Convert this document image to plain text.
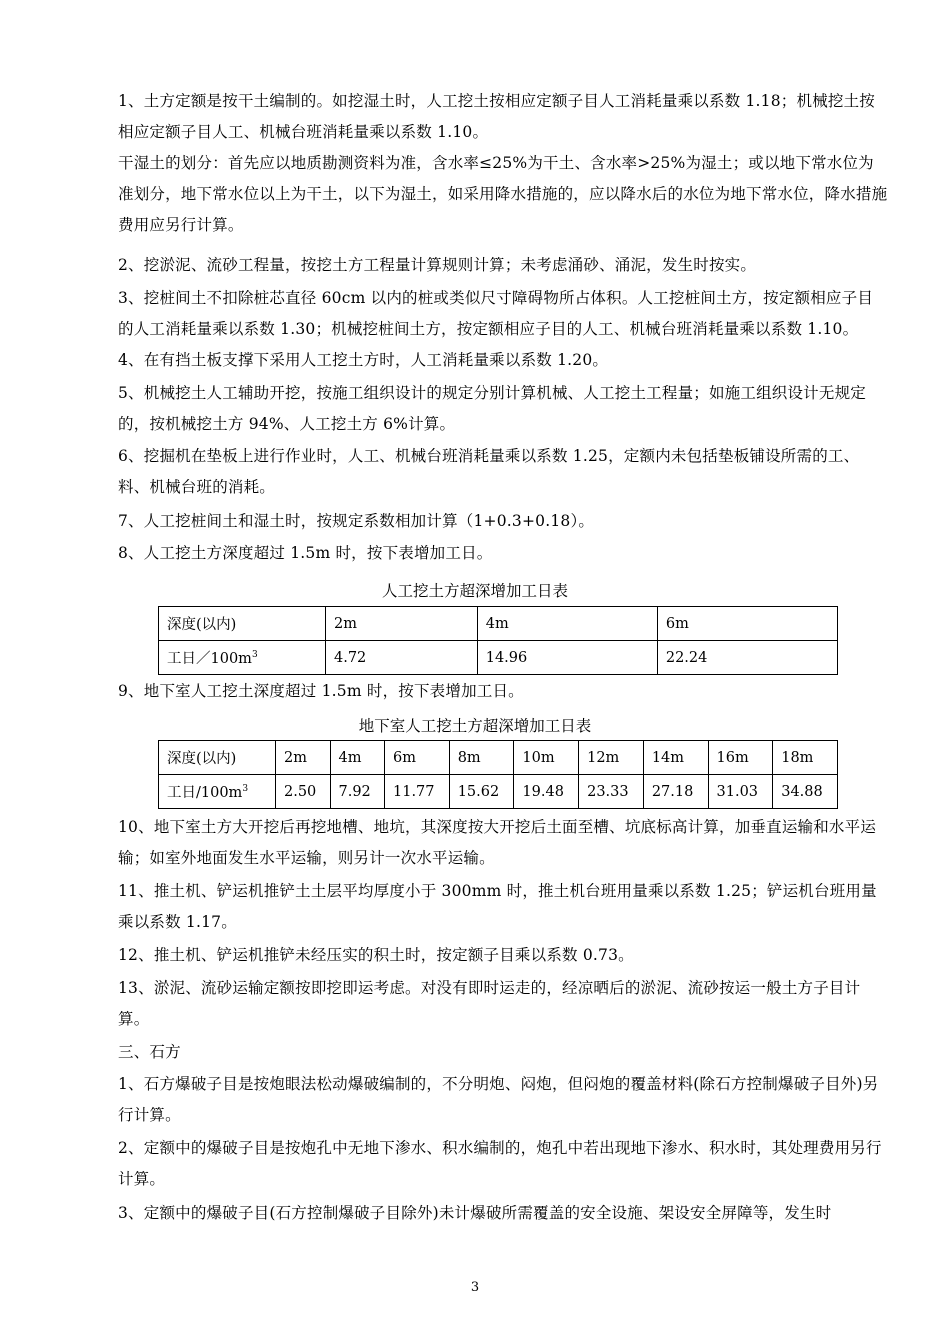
1、土方定额是按干土编制的。如挖湿土时，人工挖土按相应定额子目人工消耗量乘以系数 1.18；机械挖土按相应定额子目人工、机械台班消耗量乘以系数 1.10。

干湿土的划分：首先应以地质勘测资料为准，含水率≤25%为干土、含水率>25%为湿土；或以地下常水位为准划分，地下常水位以上为干土，以下为湿土，如采用降水措施的，应以降水后的水位为地下常水位，降水措施费用应另行计算。

2、挖淤泥、流砂工程量，按挖土方工程量计算规则计算；未考虑涌砂、涌泥，发生时按实。

3、挖桩间土不扣除桩芯直径 60cm 以内的桩或类似尺寸障碍物所占体积。人工挖桩间土方，按定额相应子目的人工消耗量乘以系数 1.30；机械挖桩间土方，按定额相应子目的人工、机械台班消耗量乘以系数 1.10。

4、在有挡土板支撑下采用人工挖土方时，人工消耗量乘以系数 1.20。

5、机械挖土人工辅助开挖，按施工组织设计的规定分别计算机械、人工挖土工程量；如施工组织设计无规定的，按机械挖土方 94%、人工挖土方 6%计算。

6、挖掘机在垫板上进行作业时，人工、机械台班消耗量乘以系数 1.25，定额内未包括垫板铺设所需的工、料、机械台班的消耗。

7、人工挖桩间土和湿土时，按规定系数相加计算（1+0.3+0.18）。

8、人工挖土方深度超过 1.5m 时，按下表增加工日。

人工挖土方超深增加工日表

深度(以内)	2m	4m	6m
工日$/100m^3$	4.72	14.96	22.24

9、地下室人工挖土深度超过 1.5m 时，按下表增加工日。

地下室人工挖土方超深增加工日表

深度(以内)	2m	4m	6m	8m	10m	12m	14m	16m	18m
工日$/100m^3$	2.50	7.92	11.77	15.62	19.48	23.33	27.18	31.03	34.88

10、地下室土方大开挖后再挖地槽、地坑，其深度按大开挖后土面至槽、坑底标高计算，加垂直运输和水平运输；如室外地面发生水平运输，则另计一次水平运输。

11、推土机、铲运机推铲土土层平均厚度小于 300mm 时，推土机台班用量乘以系数 1.25；铲运机台班用量乘以系数 1.17。

12、推土机、铲运机推铲未经压实的积土时，按定额子目乘以系数 0.73。

13、淤泥、流砂运输定额按即挖即运考虑。对没有即时运走的，经凉晒后的淤泥、流砂按运一般土方子目计算。

三、石方

1、石方爆破子目是按炮眼法松动爆破编制的，不分明炮、闷炮，但闷炮的覆盖材料(除石方控制爆破子目外)另行计算。

2、定额中的爆破子目是按炮孔中无地下渗水、积水编制的，炮孔中若出现地下渗水、积水时，其处理费用另行计算。

3、定额中的爆破子目(石方控制爆破子目除外)未计爆破所需覆盖的安全设施、架设安全屏障等，发生时

3
